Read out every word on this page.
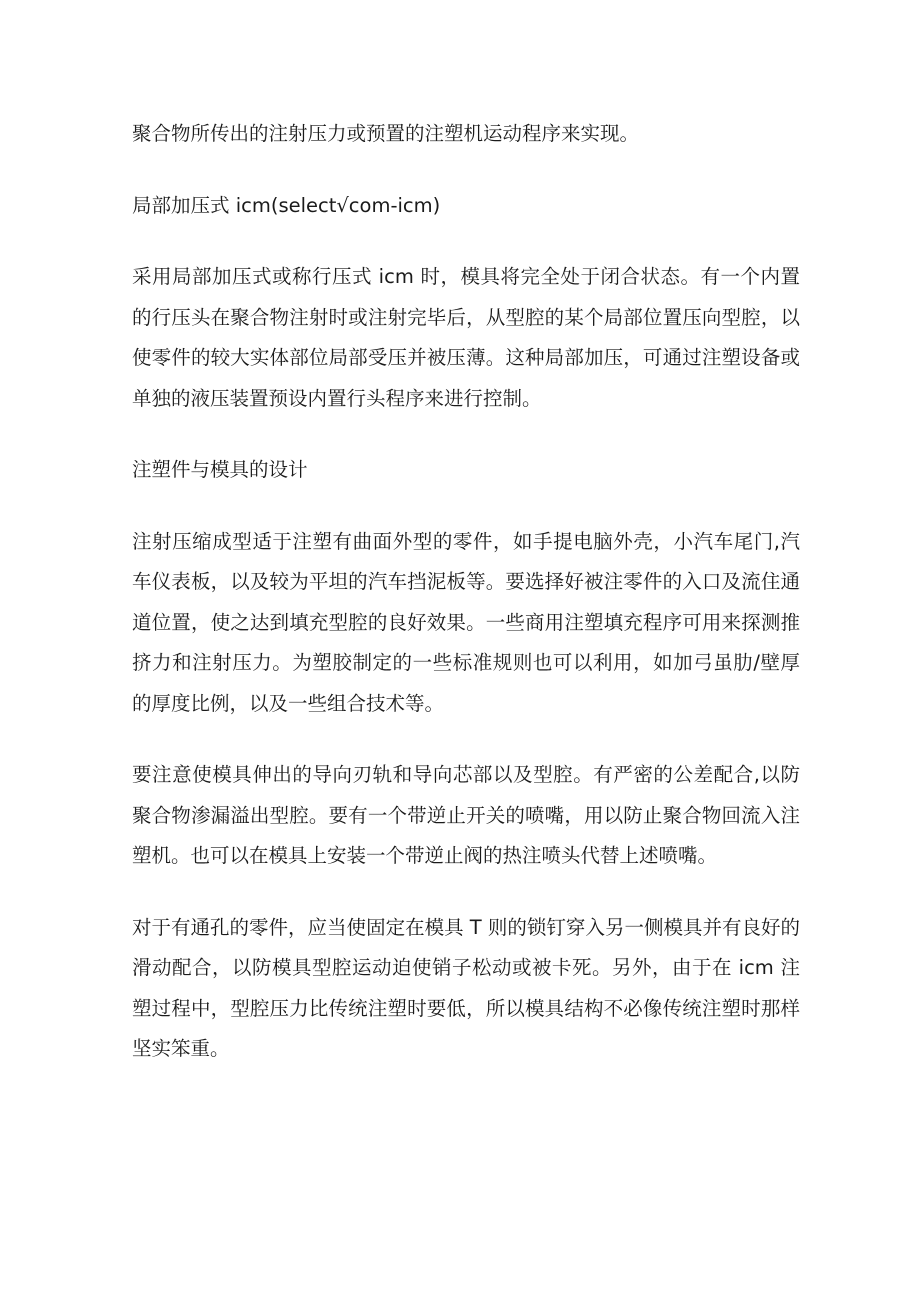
聚合物所传出的注射压力或预置的注塑机运动程序来实现。

局部加压式 icm(select√com-icm)

采用局部加压式或称行压式 icm 时，模具将完全处于闭合状态。有一个内置的行压头在聚合物注射时或注射完毕后，从型腔的某个局部位置压向型腔，以使零件的较大实体部位局部受压并被压薄。这种局部加压，可通过注塑设备或单独的液压装置预设内置行头程序来进行控制。

注塑件与模具的设计

注射压缩成型适于注塑有曲面外型的零件，如手提电脑外壳，小汽车尾门,汽车仪表板，以及较为平坦的汽车挡泥板等。要选择好被注零件的入口及流住通道位置，使之达到填充型腔的良好效果。一些商用注塑填充程序可用来探测推挤力和注射压力。为塑胶制定的一些标准规则也可以利用，如加弓虽肋/壁厚的厚度比例，以及一些组合技术等。

要注意使模具伸出的导向刃轨和导向芯部以及型腔。有严密的公差配合,以防聚合物渗漏溢出型腔。要有一个带逆止开关的喷嘴，用以防止聚合物回流入注塑机。也可以在模具上安装一个带逆止阀的热注喷头代替上述喷嘴。

对于有通孔的零件，应当使固定在模具 T 则的锁钉穿入另一侧模具并有良好的滑动配合，以防模具型腔运动迫使销子松动或被卡死。另外，由于在 icm 注塑过程中，型腔压力比传统注塑时要低，所以模具结构不必像传统注塑时那样坚实笨重。
